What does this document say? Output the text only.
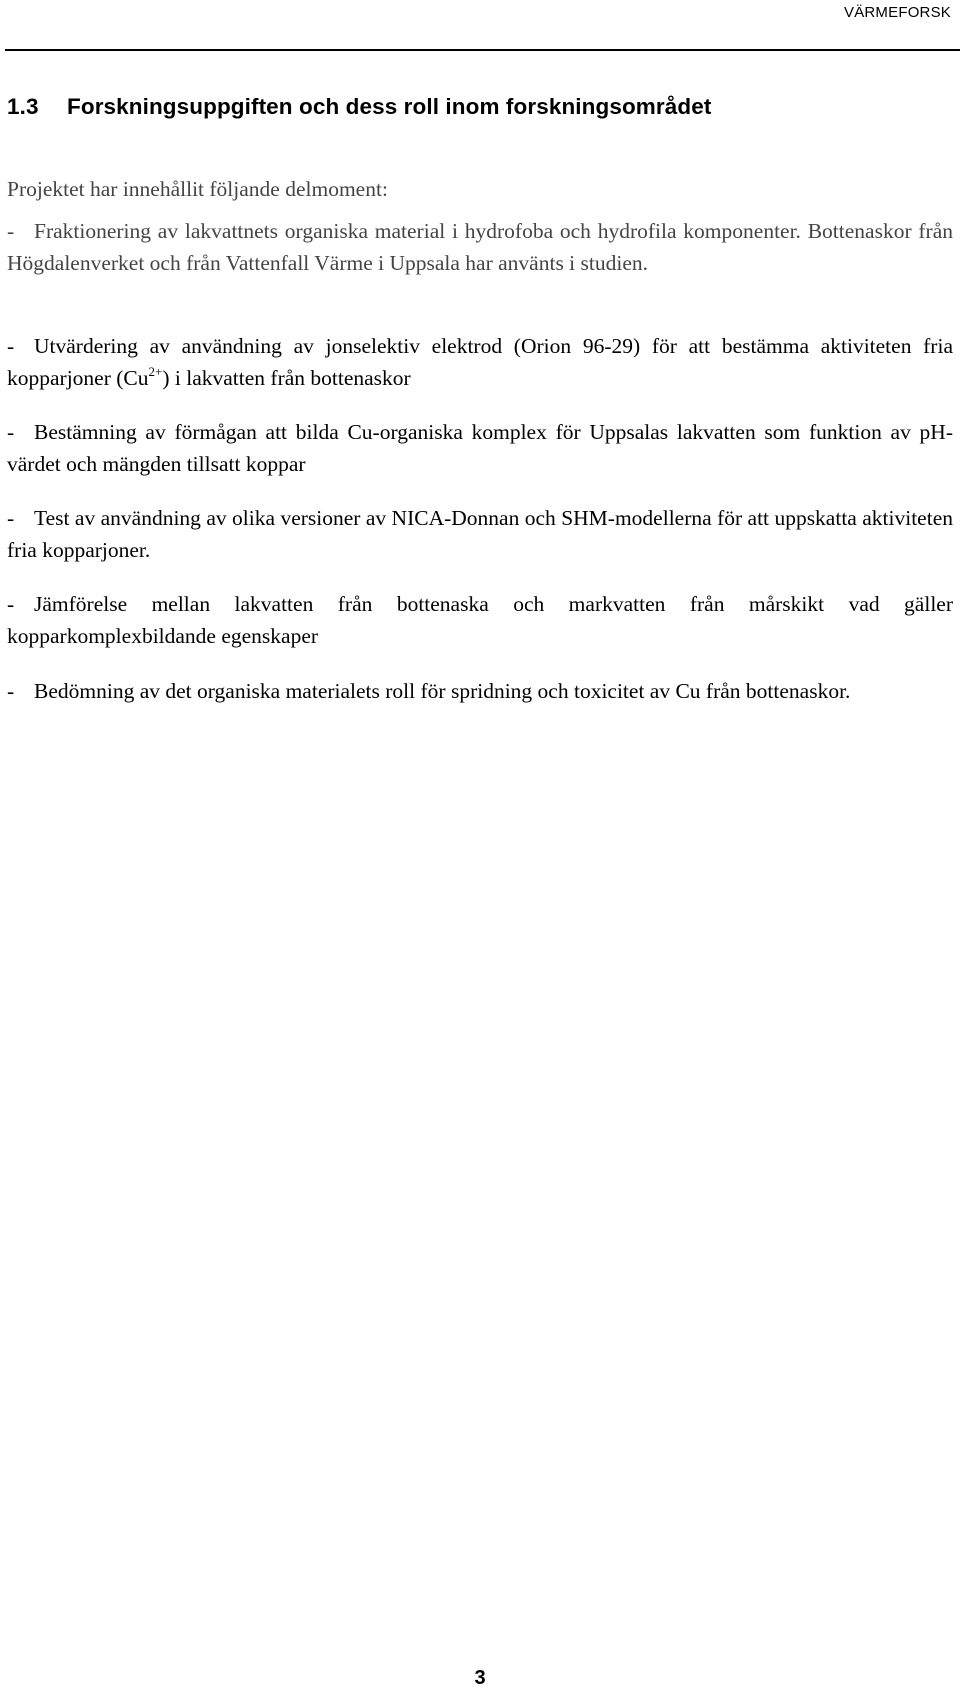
VÄRMEFORSK
1.3 Forskningsuppgiften och dess roll inom forskningsområdet

Projektet har innehållit följande delmoment:

- Fraktionering av lakvattnets organiska material i hydrofoba och hydrofila komponenter. Bottenaskor från Högdalenverket och från Vattenfall Värme i Uppsala har använts i studien.

- Utvärdering av användning av jonselektiv elektrod (Orion 96-29) för att bestämma aktiviteten fria kopparjoner $(Cu^{2+})$ i lakvatten från bottenaskor

- Bestämning av förmågan att bilda Cu-organiska komplex för Uppsalas lakvatten som funktion av pH-värdet och mängden tillsatt koppar

- Test av användning av olika versioner av NICA-Donnan och SHM-modellerna för att uppskatta aktiviteten fria kopparjoner.

- Jämförelse mellan lakvatten från bottenaska och markvatten från mårskikt vad gäller kopparkomplexbildande egenskaper

- Bedömning av det organiska materialets roll för spridning och toxicitet av Cu från bottenaskor.

3
